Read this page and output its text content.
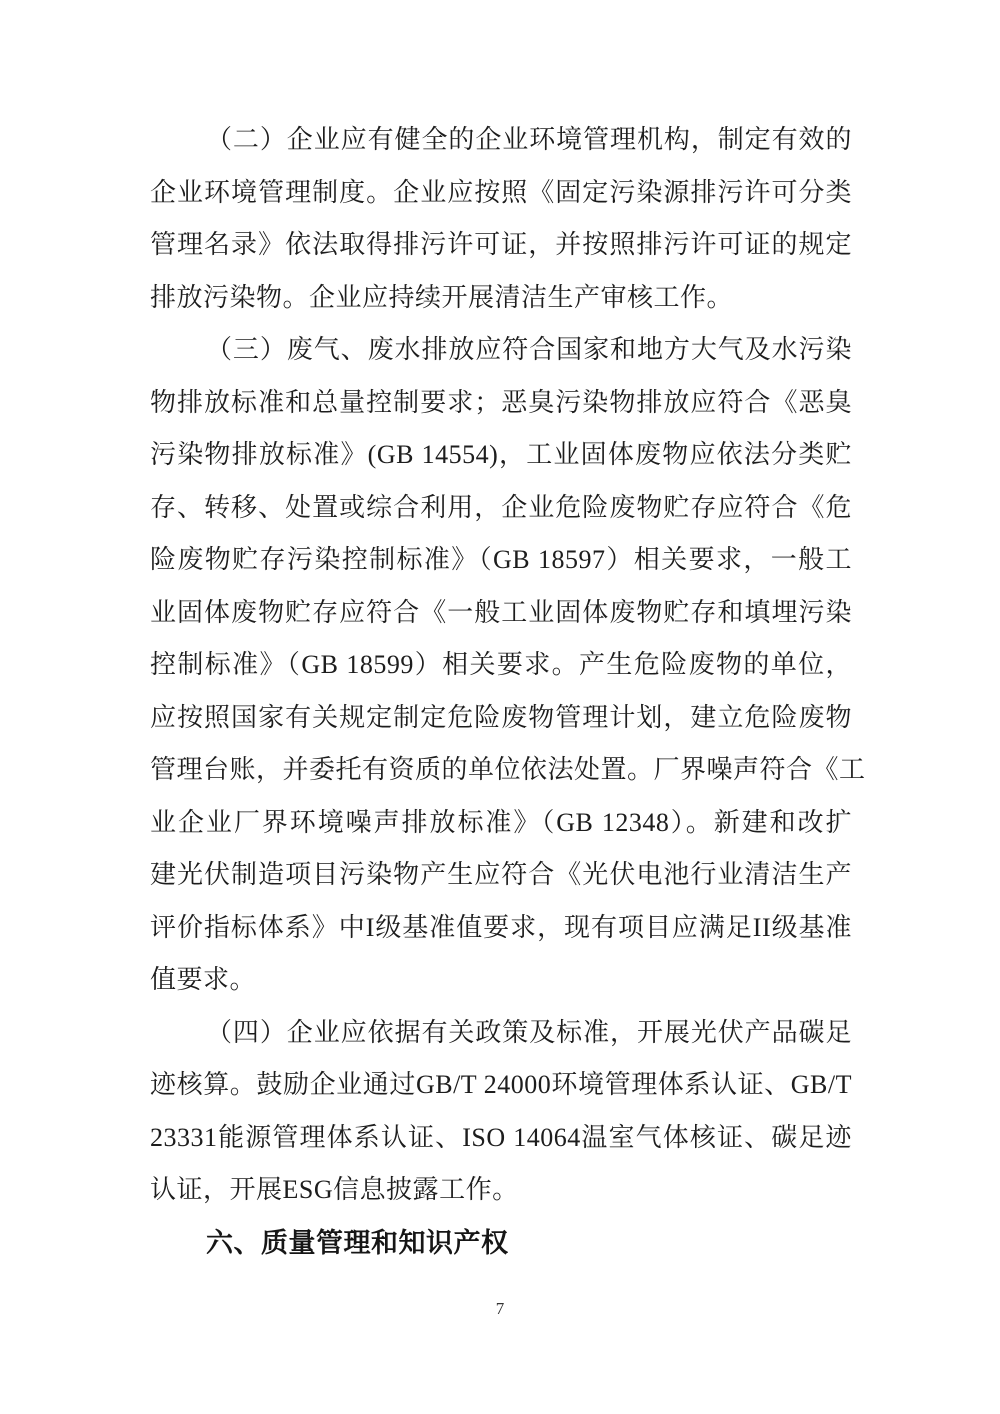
（二）企业应有健全的企业环境管理机构，制定有效的
企业环境管理制度。企业应按照《固定污染源排污许可分类
管理名录》依法取得排污许可证，并按照排污许可证的规定
排放污染物。企业应持续开展清洁生产审核工作。
（三）废气、废水排放应符合国家和地方大气及水污染
物排放标准和总量控制要求；恶臭污染物排放应符合《恶臭
污染物排放标准》(GB 14554)，工业固体废物应依法分类贮
存、转移、处置或综合利用，企业危险废物贮存应符合《危
险废物贮存污染控制标准》（GB 18597）相关要求，一般工
业固体废物贮存应符合《一般工业固体废物贮存和填埋污染
控制标准》（GB 18599）相关要求。产生危险废物的单位，
应按照国家有关规定制定危险废物管理计划，建立危险废物
管理台账，并委托有资质的单位依法处置。厂界噪声符合《工
业企业厂界环境噪声排放标准》（GB 12348）。新建和改扩
建光伏制造项目污染物产生应符合《光伏电池行业清洁生产
评价指标体系》中I级基准值要求，现有项目应满足II级基准
值要求。
（四）企业应依据有关政策及标准，开展光伏产品碳足
迹核算。鼓励企业通过GB/T 24000环境管理体系认证、GB/T
23331能源管理体系认证、ISO 14064温室气体核证、碳足迹
认证，开展ESG信息披露工作。
六、质量管理和知识产权
7
